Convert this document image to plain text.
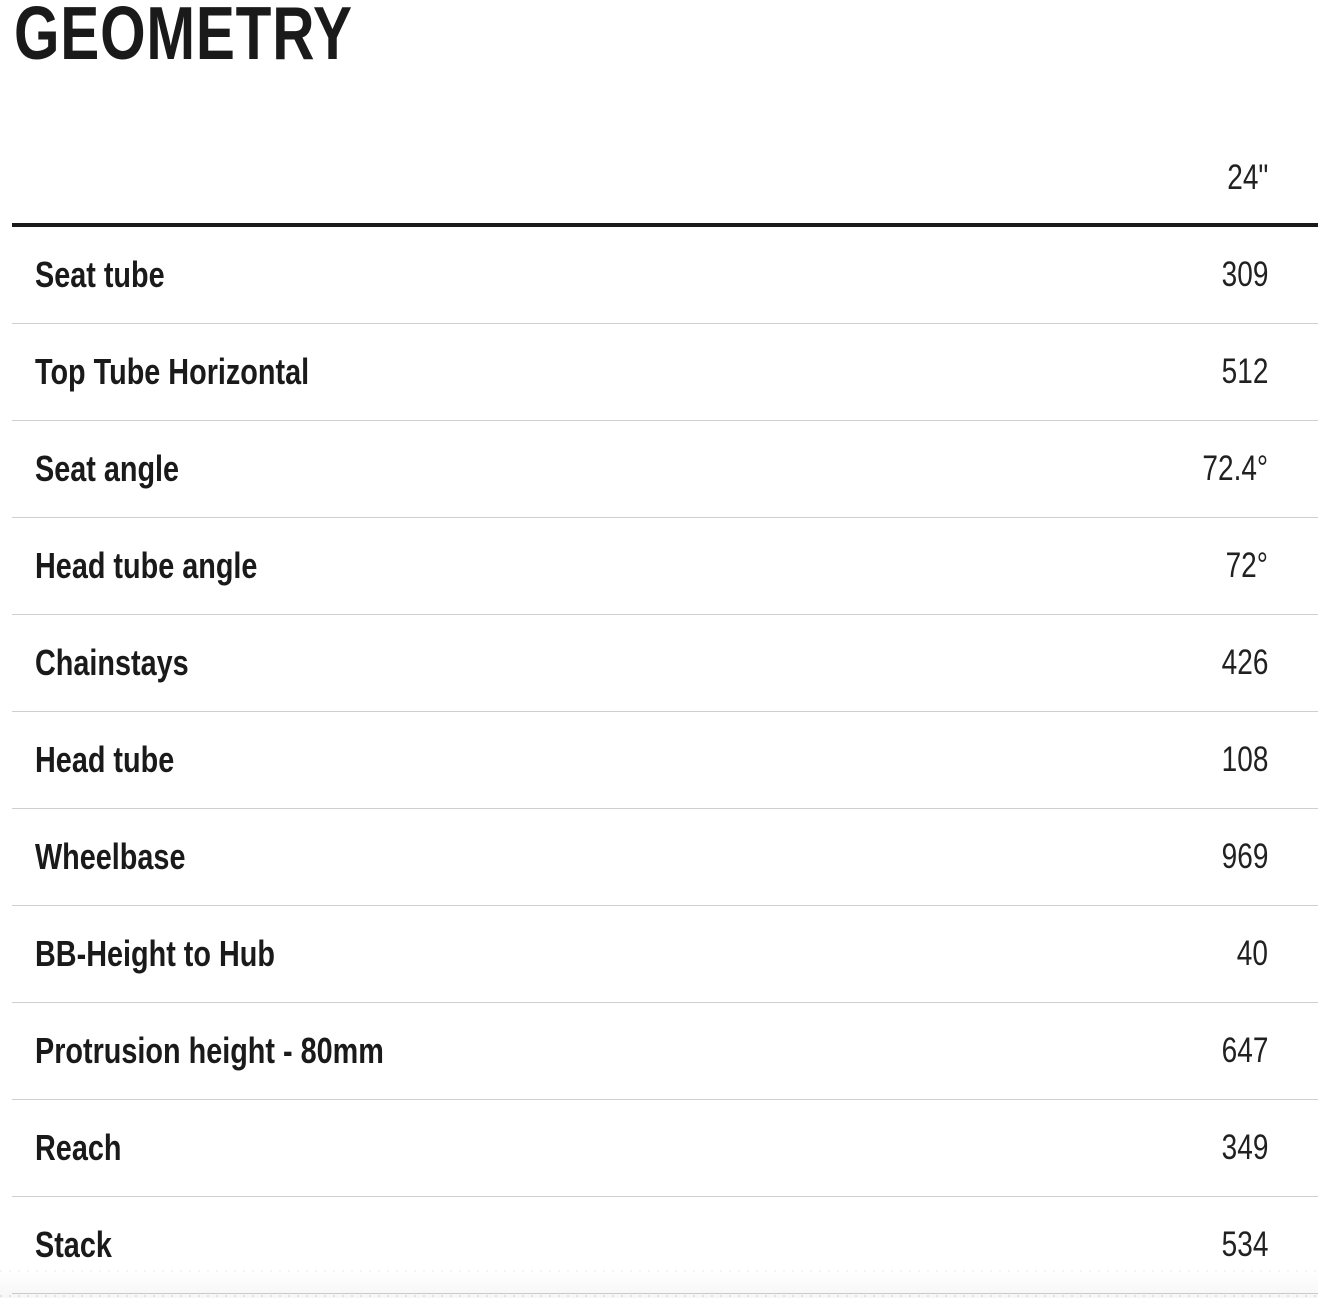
GEOMETRY
24"
Seat tube	309
Top Tube Horizontal	512
Seat angle	72.4°
Head tube angle	72°
Chainstays	426
Head tube	108
Wheelbase	969
BB-Height to Hub	40
Protrusion height - 80mm	647
Reach	349
Stack	534
